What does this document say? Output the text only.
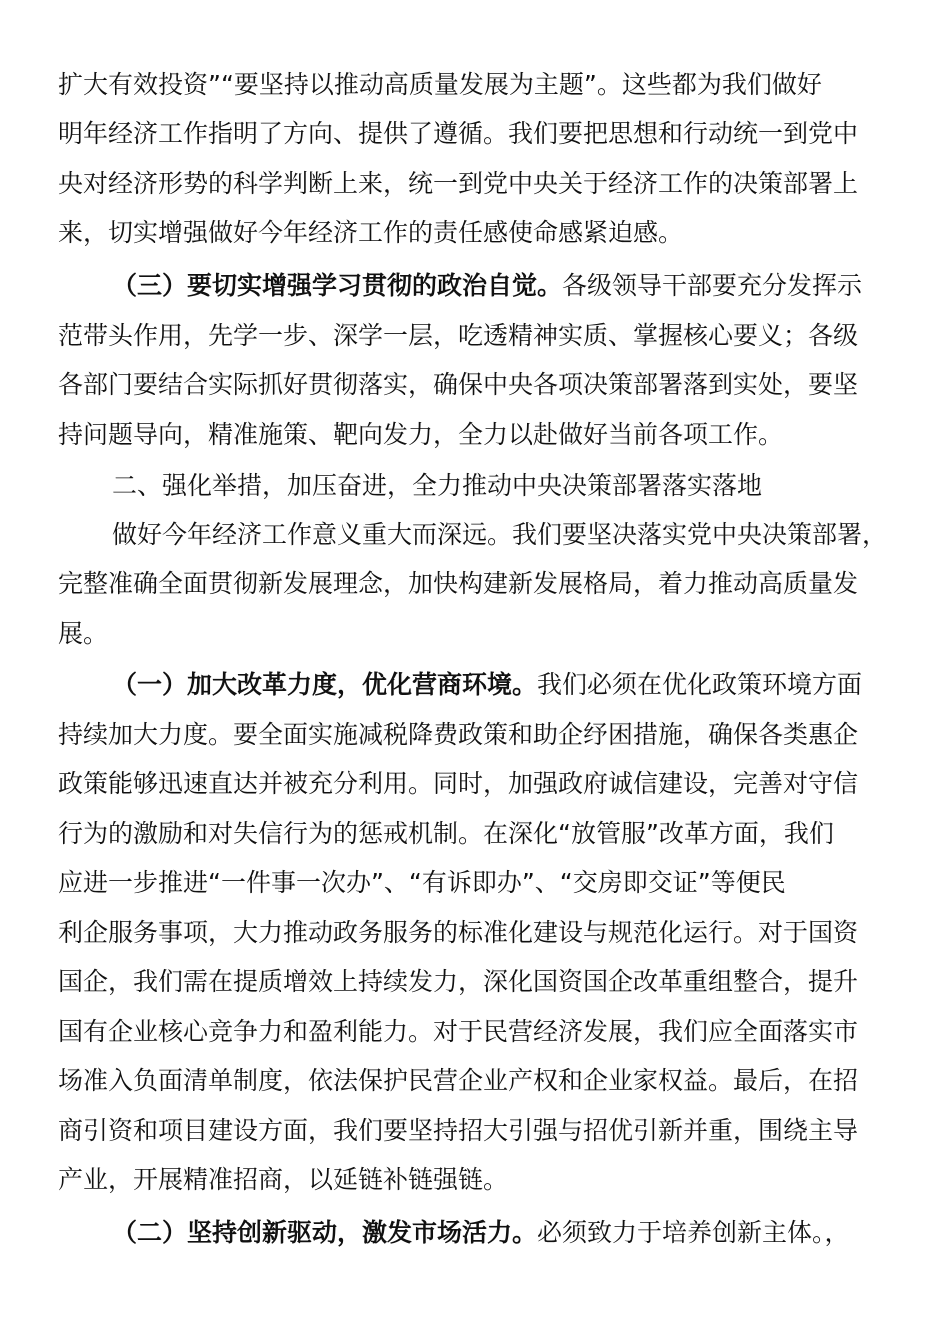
扩大有效投资”“要坚持以推动高质量发展为主题”。这些都为我们做好
明年经济工作指明了方向、提供了遵循。我们要把思想和行动统一到党中
央对经济形势的科学判断上来，统一到党中央关于经济工作的决策部署上
来，切实增强做好今年经济工作的责任感使命感紧迫感。
（三）要切实增强学习贯彻的政治自觉。各级领导干部要充分发挥示
范带头作用，先学一步、深学一层，吃透精神实质、掌握核心要义；各级
各部门要结合实际抓好贯彻落实，确保中央各项决策部署落到实处，要坚
持问题导向，精准施策、靶向发力，全力以赴做好当前各项工作。
二、强化举措，加压奋进，全力推动中央决策部署落实落地
做好今年经济工作意义重大而深远。我们要坚决落实党中央决策部署，
完整准确全面贯彻新发展理念，加快构建新发展格局，着力推动高质量发
展。
（一）加大改革力度，优化营商环境。我们必须在优化政策环境方面
持续加大力度。要全面实施减税降费政策和助企纾困措施，确保各类惠企
政策能够迅速直达并被充分利用。同时，加强政府诚信建设，完善对守信
行为的激励和对失信行为的惩戒机制。在深化“放管服”改革方面，我们
应进一步推进“一件事一次办”、“有诉即办”、“交房即交证”等便民
利企服务事项，大力推动政务服务的标准化建设与规范化运行。对于国资
国企，我们需在提质增效上持续发力，深化国资国企改革重组整合，提升
国有企业核心竞争力和盈利能力。对于民营经济发展，我们应全面落实市
场准入负面清单制度，依法保护民营企业产权和企业家权益。最后，在招
商引资和项目建设方面，我们要坚持招大引强与招优引新并重，围绕主导
产业，开展精准招商，以延链补链强链。
（二）坚持创新驱动，激发市场活力。必须致力于培养创新主体。，
